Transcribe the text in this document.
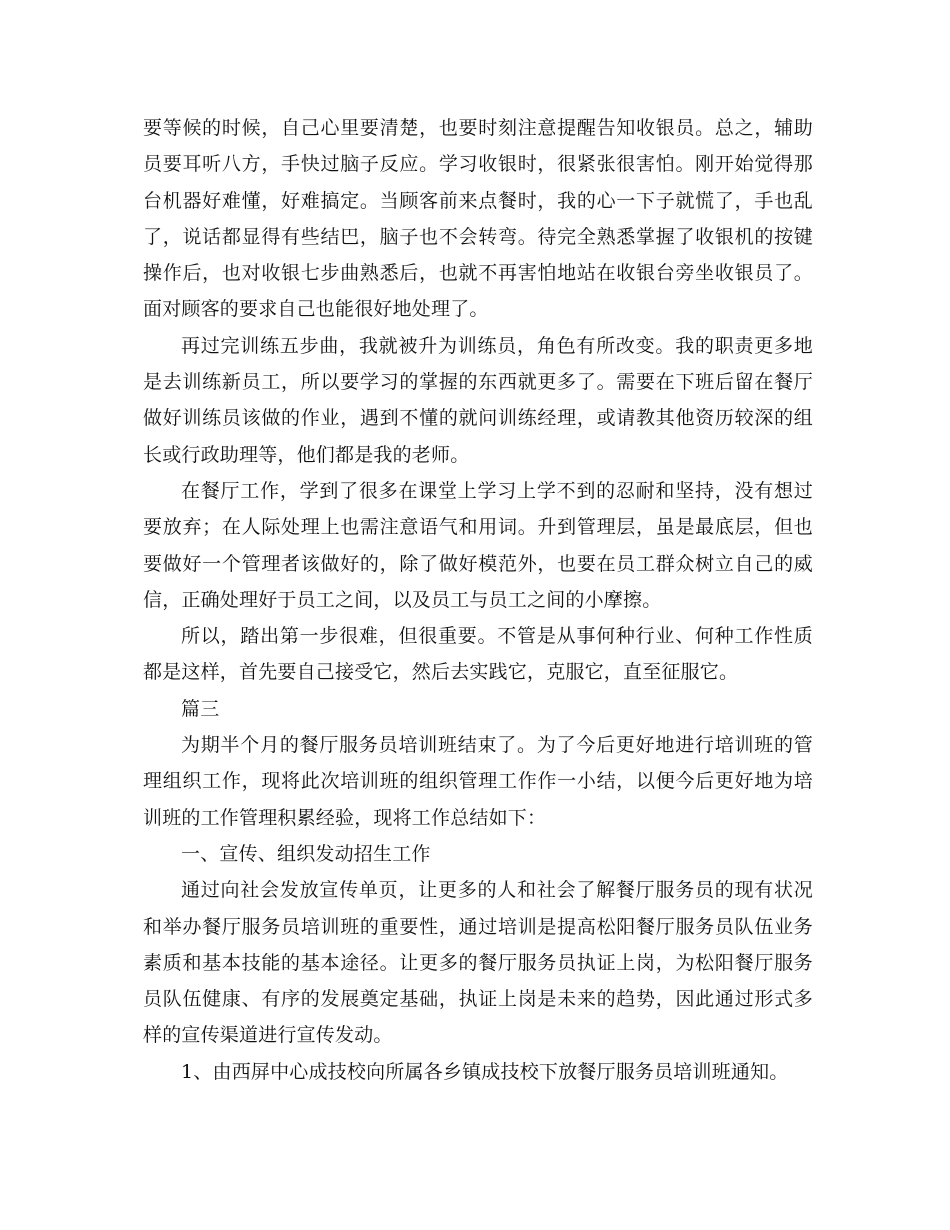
要等候的时候，自己心里要清楚，也要时刻注意提醒告知收银员。总之，辅助员要耳听八方，手快过脑子反应。学习收银时，很紧张很害怕。刚开始觉得那台机器好难懂，好难搞定。当顾客前来点餐时，我的心一下子就慌了，手也乱了，说话都显得有些结巴，脑子也不会转弯。待完全熟悉掌握了收银机的按键操作后，也对收银七步曲熟悉后，也就不再害怕地站在收银台旁坐收银员了。面对顾客的要求自己也能很好地处理了。

再过完训练五步曲，我就被升为训练员，角色有所改变。我的职责更多地是去训练新员工，所以要学习的掌握的东西就更多了。需要在下班后留在餐厅做好训练员该做的作业，遇到不懂的就问训练经理，或请教其他资历较深的组长或行政助理等，他们都是我的老师。

在餐厅工作，学到了很多在课堂上学习上学不到的忍耐和坚持，没有想过要放弃；在人际处理上也需注意语气和用词。升到管理层，虽是最底层，但也要做好一个管理者该做好的，除了做好模范外，也要在员工群众树立自己的威信，正确处理好于员工之间，以及员工与员工之间的小摩擦。

所以，踏出第一步很难，但很重要。不管是从事何种行业、何种工作性质都是这样，首先要自己接受它，然后去实践它，克服它，直至征服它。

篇三

为期半个月的餐厅服务员培训班结束了。为了今后更好地进行培训班的管理组织工作，现将此次培训班的组织管理工作作一小结，以便今后更好地为培训班的工作管理积累经验，现将工作总结如下：

一、宣传、组织发动招生工作

通过向社会发放宣传单页，让更多的人和社会了解餐厅服务员的现有状况和举办餐厅服务员培训班的重要性，通过培训是提高松阳餐厅服务员队伍业务素质和基本技能的基本途径。让更多的餐厅服务员执证上岗，为松阳餐厅服务员队伍健康、有序的发展奠定基础，执证上岗是未来的趋势，因此通过形式多样的宣传渠道进行宣传发动。

1、由西屏中心成技校向所属各乡镇成技校下放餐厅服务员培训班通知。
